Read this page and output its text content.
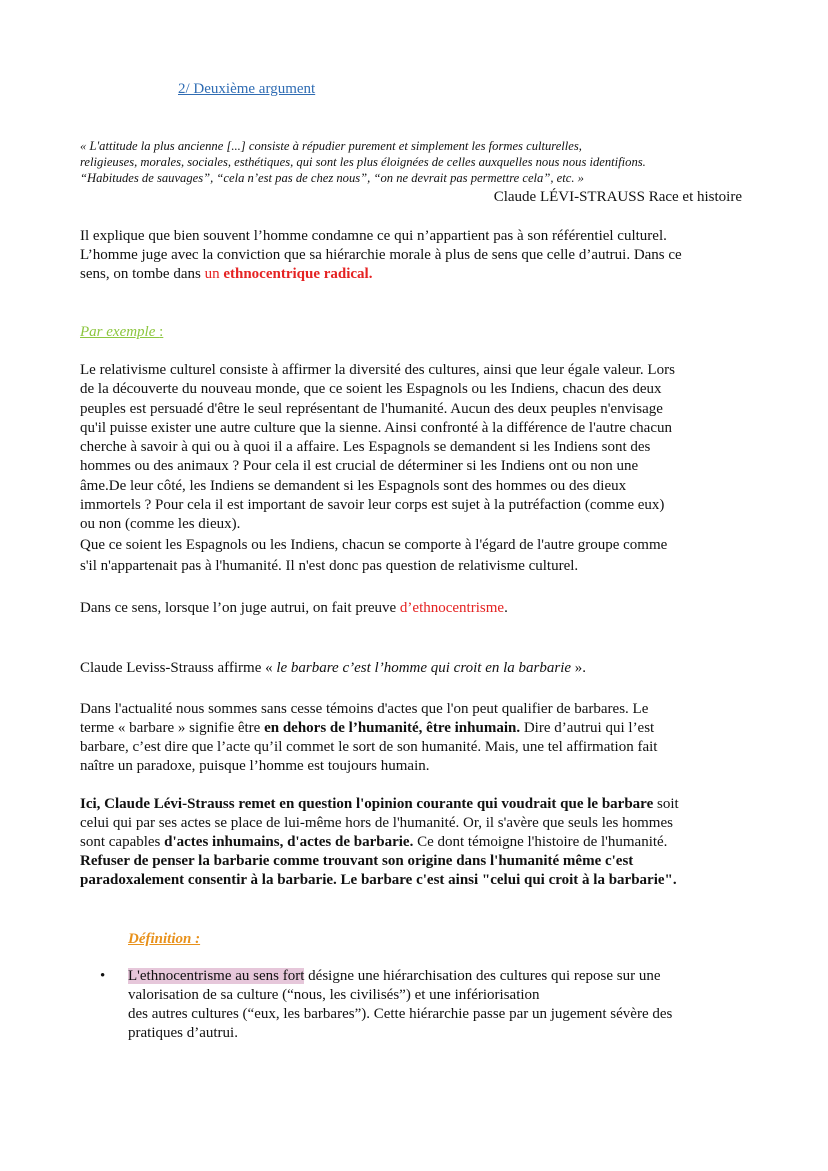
2/ Deuxième argument
« L'attitude la plus ancienne [...] consiste à répudier purement et simplement les formes culturelles,
religieuses, morales, sociales, esthétiques, qui sont les plus éloignées de celles auxquelles nous nous identifions.
“Habitudes de sauvages”, “cela n’est pas de chez nous”, “on ne devrait pas permettre cela”, etc. »
Claude LÉVI-STRAUSS Race et histoire
Il explique que bien souvent l’homme condamne ce qui n’appartient pas à son référentiel culturel.
L’homme juge avec la conviction que sa hiérarchie morale à plus de sens que celle d’autrui. Dans ce
sens, on tombe dans un ethnocentrique radical.
Par exemple :
Le relativisme culturel consiste à affirmer la diversité des cultures, ainsi que leur égale valeur. Lors
de la découverte du nouveau monde, que ce soient les Espagnols ou les Indiens, chacun des deux
peuples est persuadé d'être le seul représentant de l'humanité. Aucun des deux peuples n'envisage
qu'il puisse exister une autre culture que la sienne. Ainsi confronté à la différence de l'autre chacun
cherche à savoir à qui ou à quoi il a affaire. Les Espagnols se demandent si les Indiens sont des
hommes ou des animaux ? Pour cela il est crucial de déterminer si les Indiens ont ou non une
âme.De leur côté, les Indiens se demandent si les Espagnols sont des hommes ou des dieux
immortels ? Pour cela il est important de savoir leur corps est sujet à la putréfaction (comme eux)
ou non (comme les dieux).
Que ce soient les Espagnols ou les Indiens, chacun se comporte à l'égard de l'autre groupe comme
s'il n'appartenait pas à l'humanité. Il n'est donc pas question de relativisme culturel.
Dans ce sens, lorsque l’on juge autrui, on fait preuve d’ethnocentrisme.
Claude Leviss-Strauss affirme « le barbare c’est l’homme qui croit en la barbarie ».
Dans l'actualité nous sommes sans cesse témoins d'actes que l'on peut qualifier de barbares. Le
terme « barbare » signifie être en dehors de l’humanité, être inhumain. Dire d’autrui qui l’est
barbare, c’est dire que l’acte qu’il commet le sort de son humanité. Mais, une tel affirmation fait
naître un paradoxe, puisque l’homme est toujours humain.
Ici, Claude Lévi-Strauss remet en question l'opinion courante qui voudrait que le barbare soit
celui qui par ses actes se place de lui-même hors de l'humanité. Or, il s'avère que seuls les hommes
sont capables d'actes inhumains, d'actes de barbarie. Ce dont témoigne l'histoire de l'humanité.
Refuser de penser la barbarie comme trouvant son origine dans l'humanité même c'est
paradoxalement consentir à la barbarie. Le barbare c'est ainsi "celui qui croit à la barbarie".
Définition :
• L'ethnocentrisme au sens fort désigne une hiérarchisation des cultures qui repose sur une
valorisation de sa culture (“nous, les civilisés”) et une infériorisation
des autres cultures (“eux, les barbares”). Cette hiérarchie passe par un jugement sévère des
pratiques d’autrui.
